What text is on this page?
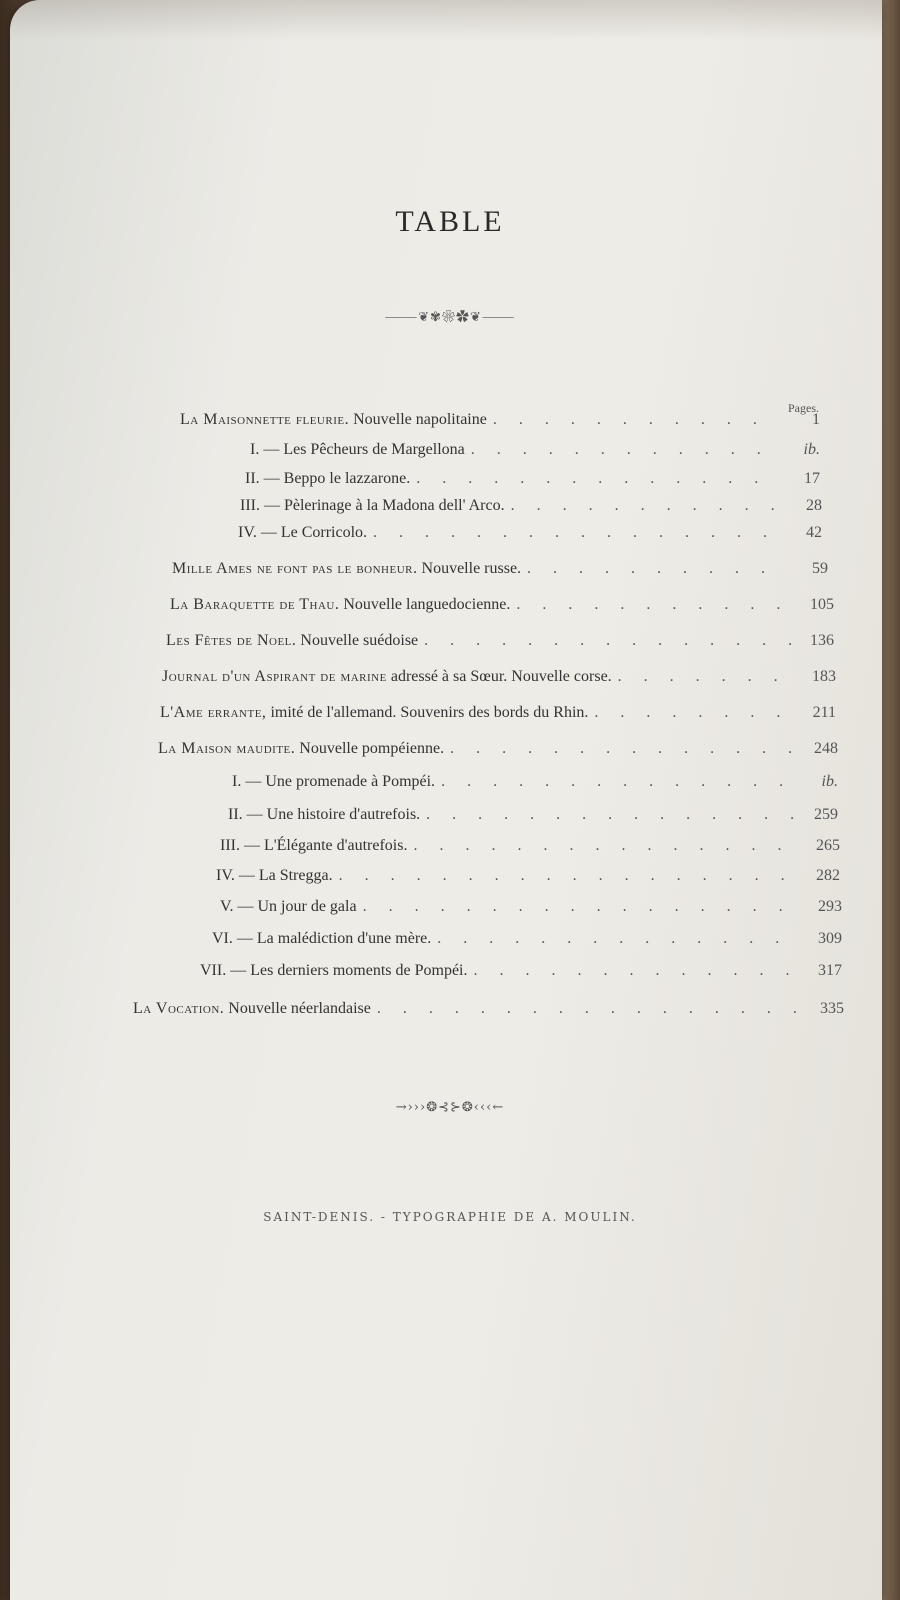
TABLE
⸻❦✾❀✿❦⸻
Pages.
La Maisonnette fleurie. Nouvelle napolitaine . . .	1
I. — Les Pêcheurs de Margellona . . .	ib.
II. — Beppo le lazzarone. . . .	17
III. — Pèlerinage à la Madona dell' Arco. . . .	28
IV. — Le Corricolo. . . .	42
Mille Ames ne font pas le bonheur. Nouvelle russe. . . .	59
La Baraquette de Thau. Nouvelle languedocienne. . . .	105
Les Fêtes de Noel. Nouvelle suédoise . . .	136
Journal d'un Aspirant de marine adressé à sa Sœur. Nouvelle corse. . . .	183
L'Ame errante, imité de l'allemand. Souvenirs des bords du Rhin. . . .	211
La Maison maudite. Nouvelle pompéienne. . . .	248
I. — Une promenade à Pompéi. . . .	ib.
II. — Une histoire d'autrefois. . . .	259
III. — L'Élégante d'autrefois. . . .	265
IV. — La Stregga. . . .	282
V. — Un jour de gala . . .	293
VI. — La malédiction d'une mère. . . .	309
VII. — Les derniers moments de Pompéi. . . .	317
La Vocation. Nouvelle néerlandaise . . .	335
→›››❂⊰⊱❂‹‹‹←
SAINT-DENIS. - TYPOGRAPHIE DE A. MOULIN.
